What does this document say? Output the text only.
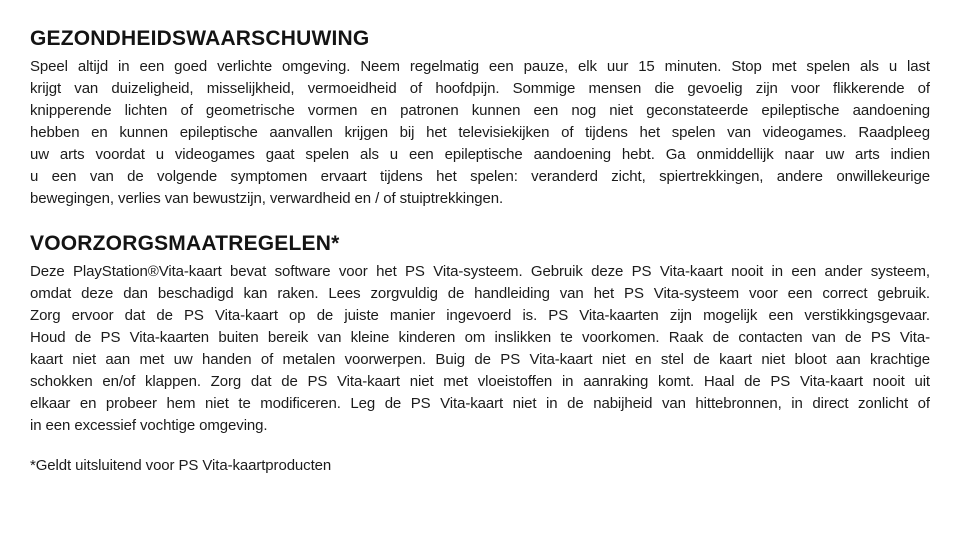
GEZONDHEIDSWAARSCHUWING
Speel altijd in een goed verlichte omgeving. Neem regelmatig een pauze, elk uur 15 minuten. Stop met spelen als u last
krijgt van duizeligheid, misselijkheid, vermoeidheid of hoofdpijn. Sommige mensen die gevoelig zijn voor flikkerende of
knipperende lichten of geometrische vormen en patronen kunnen een nog niet geconstateerde epileptische aandoening
hebben en kunnen epileptische aanvallen krijgen bij het televisiekijken of tijdens het spelen van videogames. Raadpleeg
uw arts voordat u videogames gaat spelen als u een epileptische aandoening hebt. Ga onmiddellijk naar uw arts indien
u een van de volgende symptomen ervaart tijdens het spelen: veranderd zicht, spiertrekkingen, andere onwillekeurige
bewegingen, verlies van bewustzijn, verwardheid en / of stuiptrekkingen.
VOORZORGSMAATREGELEN*
Deze PlayStation®Vita-kaart bevat software voor het PS Vita-systeem. Gebruik deze PS Vita-kaart nooit in een ander systeem,
omdat deze dan beschadigd kan raken. Lees zorgvuldig de handleiding van het PS Vita-systeem voor een correct gebruik.
Zorg ervoor dat de PS Vita-kaart op de juiste manier ingevoerd is. PS Vita-kaarten zijn mogelijk een verstikkingsgevaar.
Houd de PS Vita-kaarten buiten bereik van kleine kinderen om inslikken te voorkomen. Raak de contacten van de PS Vita-
kaart niet aan met uw handen of metalen voorwerpen. Buig de PS Vita-kaart niet en stel de kaart niet bloot aan krachtige
schokken en/of klappen. Zorg dat de PS Vita-kaart niet met vloeistoffen in aanraking komt. Haal de PS Vita-kaart nooit uit
elkaar en probeer hem niet te modificeren. Leg de PS Vita-kaart niet in de nabijheid van hittebronnen, in direct zonlicht of
in een excessief vochtige omgeving.

*Geldt uitsluitend voor PS Vita-kaartproducten
